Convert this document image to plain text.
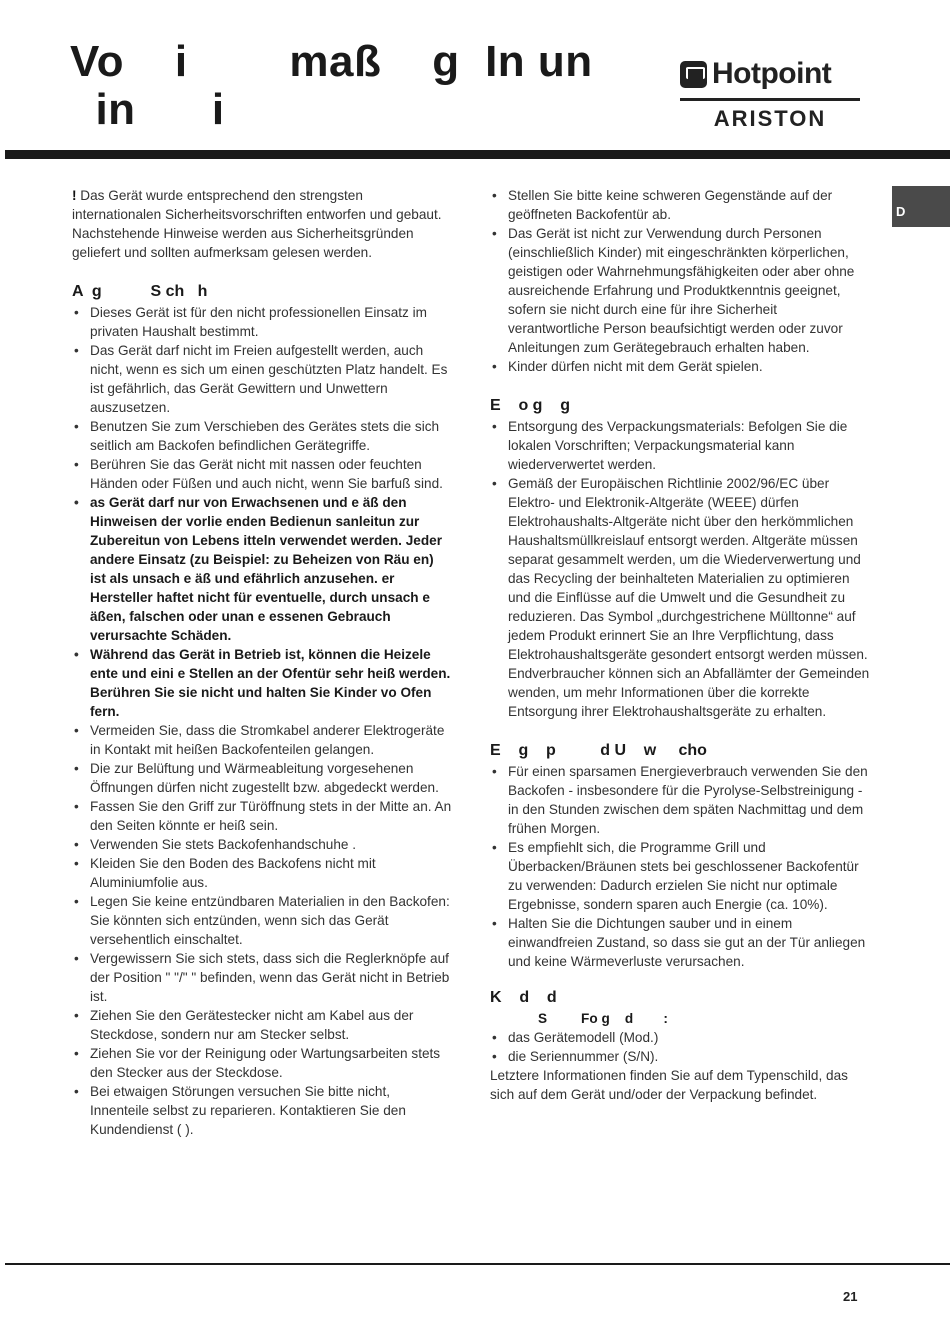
Vo    i        maß    g  In un
in      i
Hotpoint
ARISTON
D

! Das Gerät wurde entsprechend den strengsten internationalen Sicherheitsvorschriften entworfen und gebaut. Nachstehende Hinweise werden aus Sicherheitsgründen geliefert und sollten aufmerksam gelesen werden.

A  g           S ch   h
• Dieses Gerät ist für den nicht professionellen Einsatz im privaten Haushalt bestimmt.
• Das Gerät darf nicht im Freien aufgestellt werden, auch nicht, wenn es sich um einen geschützten Platz handelt. Es ist gefährlich, das Gerät Gewittern und Unwettern auszusetzen.
• Benutzen Sie zum Verschieben des Gerätes stets die sich seitlich am Backofen befindlichen Gerätegriffe.
• Berühren Sie das Gerät nicht mit nassen oder feuchten Händen oder Füßen und auch nicht, wenn Sie barfuß sind.
• as Gerät darf nur von Erwachsenen und e äß den Hinweisen der vorlie enden Bedienun sanleitun zur Zubereitun von Lebens itteln verwendet werden. Jeder andere Einsatz (zu Beispiel: zu Beheizen von Räu en) ist als unsach e äß und efährlich anzusehen. er Hersteller haftet nicht für eventuelle, durch unsach e äßen, falschen oder unan e essenen Gebrauch verursachte Schäden.
• Während das Gerät in Betrieb ist, können die Heizele ente und eini e Stellen an der Ofentür sehr heiß werden. Berühren Sie sie nicht und halten Sie Kinder vo Ofen fern.
• Vermeiden Sie, dass die Stromkabel anderer Elektrogeräte in Kontakt mit heißen Backofenteilen gelangen.
• Die zur Belüftung und Wärmeableitung vorgesehenen Öffnungen dürfen nicht zugestellt bzw. abgedeckt werden.
• Fassen Sie den Griff zur Türöffnung stets in der Mitte an. An den Seiten könnte er heiß sein.
• Verwenden Sie stets Backofenhandschuhe .
• Kleiden Sie den Boden des Backofens nicht mit Aluminiumfolie aus.
• Legen Sie keine entzündbaren Materialien in den Backofen: Sie könnten sich entzünden, wenn sich das Gerät versehentlich einschaltet.
• Vergewissern Sie sich stets, dass sich die Reglerknöpfe auf der Position " "/" " befinden, wenn das Gerät nicht in Betrieb ist.
• Ziehen Sie den Gerätestecker nicht am Kabel aus der Steckdose, sondern nur am Stecker selbst.
• Ziehen Sie vor der Reinigung oder Wartungsarbeiten stets den Stecker aus der Steckdose.
• Bei etwaigen Störungen versuchen Sie bitte nicht, Innenteile selbst zu reparieren. Kontaktieren Sie den Kundendienst ( ).
• Stellen Sie bitte keine schweren Gegenstände auf der geöffneten Backofentür ab.
• Das Gerät ist nicht zur Verwendung durch Personen (einschließlich Kinder) mit eingeschränkten körperlichen, geistigen oder Wahrnehmungsfähigkeiten oder aber ohne ausreichende Erfahrung und Produktkenntnis geeignet, sofern sie nicht durch eine für ihre Sicherheit verantwortliche Person beaufsichtigt werden oder zuvor Anleitungen zum Gerätegebrauch erhalten haben.
• Kinder dürfen nicht mit dem Gerät spielen.
E    o g    g
• Entsorgung des Verpackungsmaterials: Befolgen Sie die lokalen Vorschriften; Verpackungsmaterial kann wiederverwertet werden.
• Gemäß der Europäischen Richtlinie 2002/96/EC über Elektro- und Elektronik-Altgeräte (WEEE) dürfen Elektrohaushalts-Altgeräte nicht über den herkömmlichen Haushaltsmüllkreislauf entsorgt werden. Altgeräte müssen separat gesammelt werden, um die Wiederverwertung und das Recycling der beinhalteten Materialien zu optimieren und die Einflüsse auf die Umwelt und die Gesundheit zu reduzieren. Das Symbol „durchgestrichene Mülltonne“ auf jedem Produkt erinnert Sie an Ihre Verpflichtung, dass Elektrohaushaltsgeräte gesondert entsorgt werden müssen.

Endverbraucher können sich an Abfallämter der Gemeinden wenden, um mehr Informationen über die korrekte Entsorgung ihrer Elektrohaushaltsgeräte zu erhalten.

E    g    p          d U    w     cho
• Für einen sparsamen Energieverbrauch verwenden Sie den Backofen - insbesondere für die Pyrolyse-Selbstreinigung - in den Stunden zwischen dem späten Nachmittag und dem frühen Morgen.
• Es empfiehlt sich, die Programme Grill und Überbacken/Bräunen stets bei geschlossener Backofentür zu verwenden: Dadurch erzielen Sie nicht nur optimale Ergebnisse, sondern sparen auch Energie (ca. 10%).
• Halten Sie die Dichtungen sauber und in einem einwandfreien Zustand, so dass sie gut an der Tür anliegen und keine Wärmeverluste verursachen.
K    d    d
S         Fo g    d        :
• das Gerätemodell (Mod.)
• die Seriennummer (S/N).

Letztere Informationen finden Sie auf dem Typenschild, das sich auf dem Gerät und/oder der Verpackung befindet.

21
